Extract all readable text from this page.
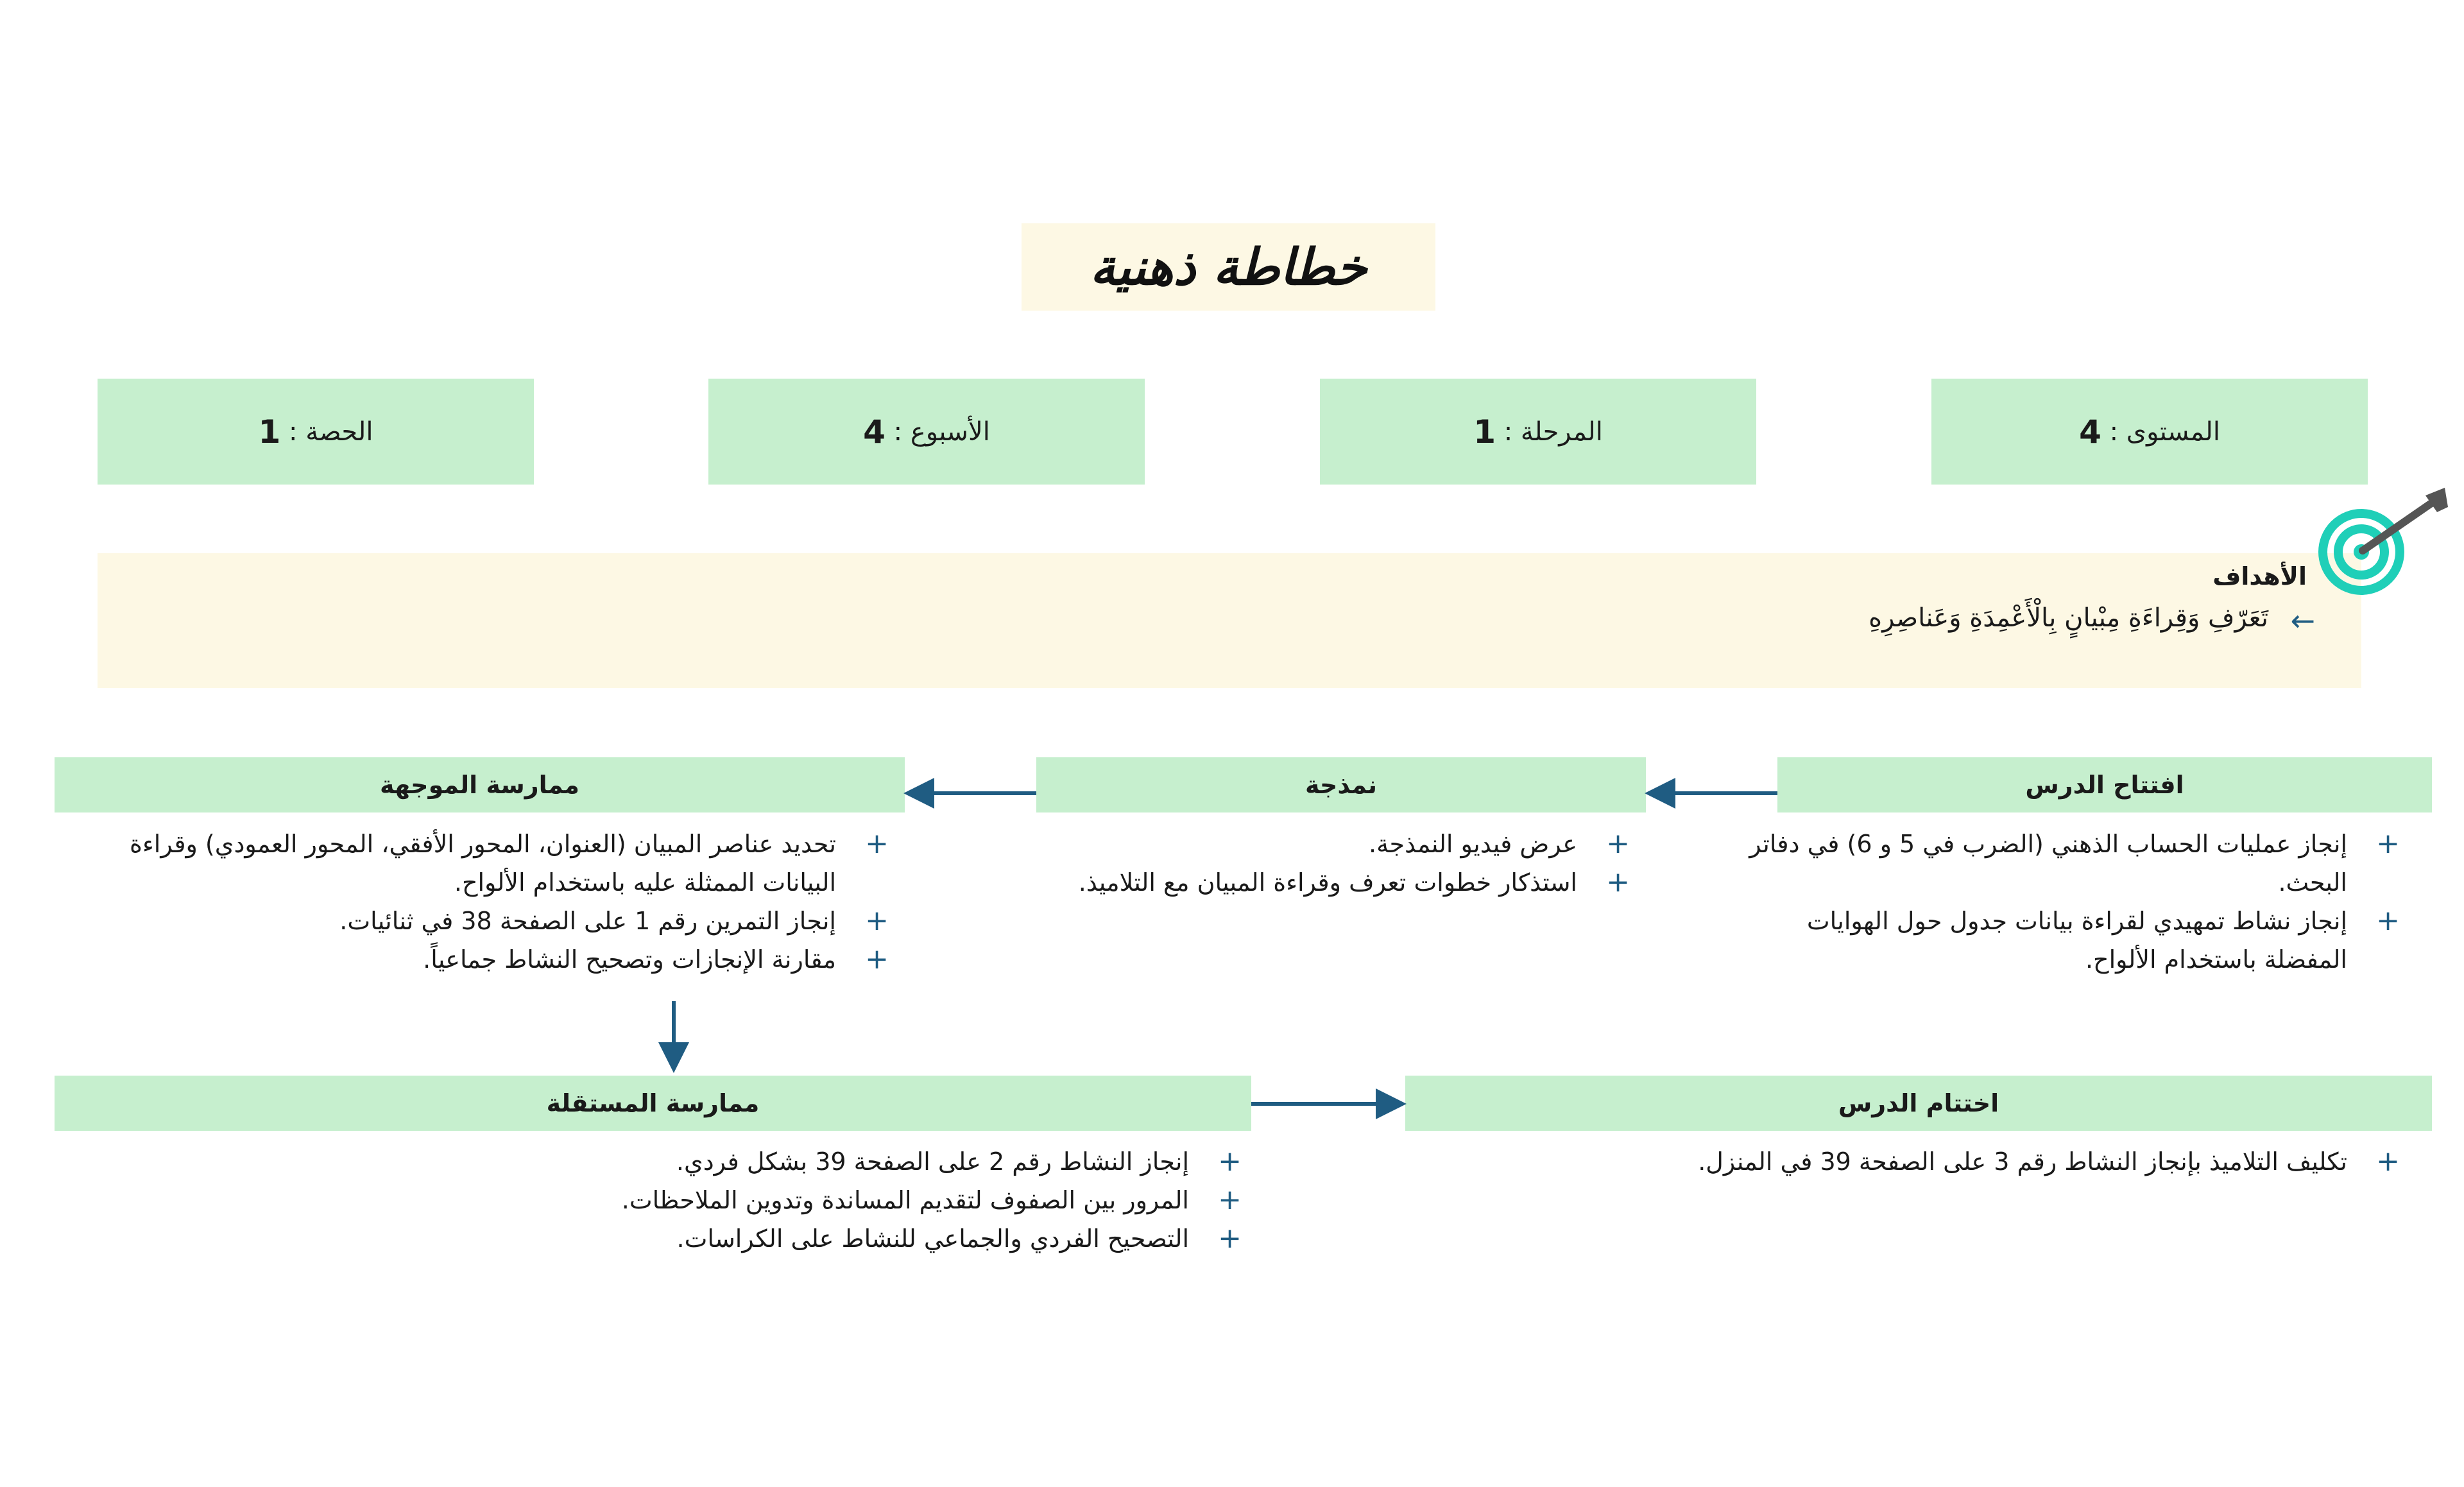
خطاطة ذهنية
المستوى :

4
المرحلة :

1
الأسبوع :

4
الحصة :

1
الأهداف
←
تَعَرّفِ وَقِراءَةِ مِبْيانٍ بِالْأَعْمِدَةِ وَعَناصِرِهِ
افتتاح الدرس
+
إنجاز عمليات الحساب الذهني (الضرب في 5 و 6) في دفاتر البحث.
+
إنجاز نشاط تمهيدي لقراءة بيانات جدول حول الهوايات المفضلة باستخدام الألواح.
نمذجة
+
عرض فيديو النمذجة.
+
استذكار خطوات تعرف وقراءة المبيان مع التلاميذ.
ممارسة الموجهة
+
تحديد عناصر المبيان (العنوان، المحور الأفقي، المحور العمودي) وقراءة البيانات الممثلة عليه باستخدام الألواح.
+
إنجاز التمرين رقم 1 على الصفحة 38 في ثنائيات.
+
مقارنة الإنجازات وتصحيح النشاط جماعياً.
ممارسة المستقلة
+
إنجاز النشاط رقم 2 على الصفحة 39 بشكل فردي.
+
المرور بين الصفوف لتقديم المساندة وتدوين الملاحظات.
+
التصحيح الفردي والجماعي للنشاط على الكراسات.
اختتام الدرس
+
تكليف التلاميذ بإنجاز النشاط رقم 3 على الصفحة 39 في المنزل.
